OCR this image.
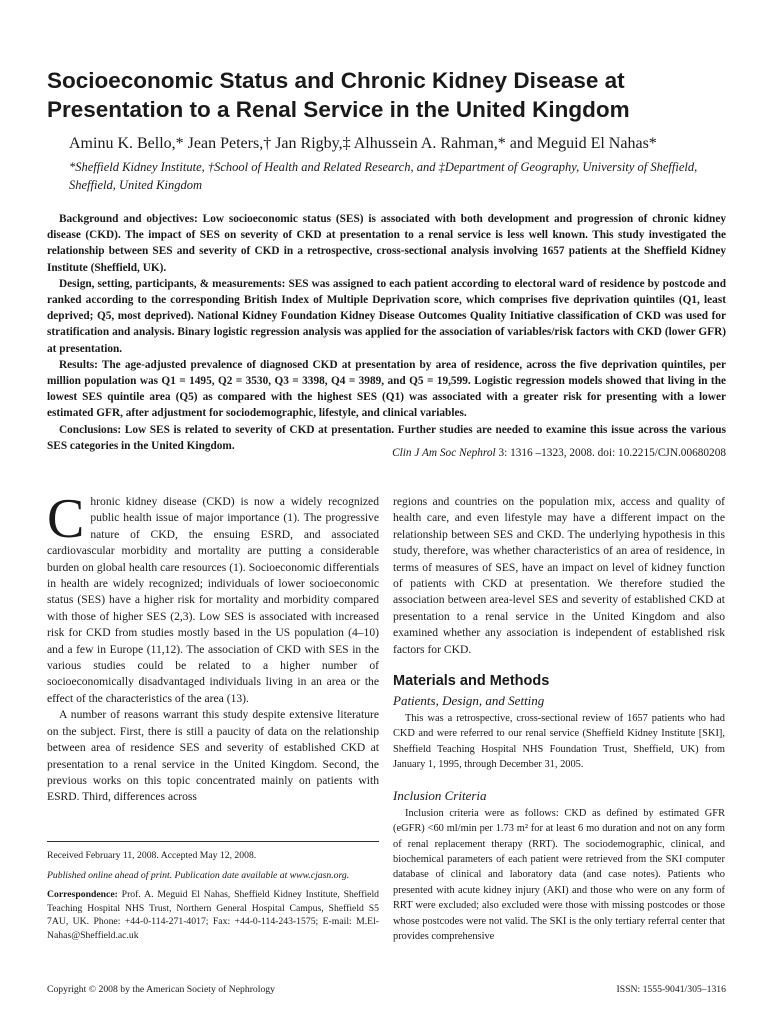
Socioeconomic Status and Chronic Kidney Disease at Presentation to a Renal Service in the United Kingdom
Aminu K. Bello,* Jean Peters,† Jan Rigby,‡ Alhussein A. Rahman,* and Meguid El Nahas*
*Sheffield Kidney Institute, †School of Health and Related Research, and ‡Department of Geography, University of Sheffield, Sheffield, United Kingdom

Background and objectives: Low socioeconomic status (SES) is associated with both development and progression of chronic kidney disease (CKD). The impact of SES on severity of CKD at presentation to a renal service is less well known. This study investigated the relationship between SES and severity of CKD in a retrospective, cross-sectional analysis involving 1657 patients at the Sheffield Kidney Institute (Sheffield, UK).

Design, setting, participants, & measurements: SES was assigned to each patient according to electoral ward of residence by postcode and ranked according to the corresponding British Index of Multiple Deprivation score, which comprises five deprivation quintiles (Q1, least deprived; Q5, most deprived). National Kidney Foundation Kidney Disease Outcomes Quality Initiative classification of CKD was used for stratification and analysis. Binary logistic regression analysis was applied for the association of variables/risk factors with CKD (lower GFR) at presentation.

Results: The age-adjusted prevalence of diagnosed CKD at presentation by area of residence, across the five deprivation quintiles, per million population was Q1 = 1495, Q2 = 3530, Q3 = 3398, Q4 = 3989, and Q5 = 19,599. Logistic regression models showed that living in the lowest SES quintile area (Q5) as compared with the highest SES (Q1) was associated with a greater risk for presenting with a lower estimated GFR, after adjustment for sociodemographic, lifestyle, and clinical variables.

Conclusions: Low SES is related to severity of CKD at presentation. Further studies are needed to examine this issue across the various SES categories in the United Kingdom.

Clin J Am Soc Nephrol 3: 1316 –1323, 2008. doi: 10.2215/CJN.00680208

Chronic kidney disease (CKD) is now a widely recognized public health issue of major importance (1). The progressive nature of CKD, the ensuing ESRD, and associated cardiovascular morbidity and mortality are putting a considerable burden on global health care resources (1). Socioeconomic differentials in health are widely recognized; individuals of lower socioeconomic status (SES) have a higher risk for mortality and morbidity compared with those of higher SES (2,3). Low SES is associated with increased risk for CKD from studies mostly based in the US population (4–10) and a few in Europe (11,12). The association of CKD with SES in the various studies could be related to a higher number of socioeconomically disadvantaged individuals living in an area or the effect of the characteristics of the area (13).

A number of reasons warrant this study despite extensive literature on the subject. First, there is still a paucity of data on the relationship between area of residence SES and severity of established CKD at presentation to a renal service in the United Kingdom. Second, the previous works on this topic concentrated mainly on patients with ESRD. Third, differences across

regions and countries on the population mix, access and quality of health care, and even lifestyle may have a different impact on the relationship between SES and CKD. The underlying hypothesis in this study, therefore, was whether characteristics of an area of residence, in terms of measures of SES, have an impact on level of kidney function of patients with CKD at presentation. We therefore studied the association between area-level SES and severity of established CKD at presentation to a renal service in the United Kingdom and also examined whether any association is independent of established risk factors for CKD.

Materials and Methods
Patients, Design, and Setting

This was a retrospective, cross-sectional review of 1657 patients who had CKD and were referred to our renal service (Sheffield Kidney Institute [SKI], Sheffield Teaching Hospital NHS Foundation Trust, Sheffield, UK) from January 1, 1995, through December 31, 2005.

Inclusion Criteria

Inclusion criteria were as follows: CKD as defined by estimated GFR (eGFR) <60 ml/min per 1.73 m² for at least 6 mo duration and not on any form of renal replacement therapy (RRT). The sociodemographic, clinical, and biochemical parameters of each patient were retrieved from the SKI computer database of clinical and laboratory data (and case notes). Patients who presented with acute kidney injury (AKI) and those who were on any form of RRT were excluded; also excluded were those with missing postcodes or those whose postcodes were not valid. The SKI is the only tertiary referral center that provides comprehensive

Received February 11, 2008. Accepted May 12, 2008.

Published online ahead of print. Publication date available at www.cjasn.org.

Correspondence: Prof. A. Meguid El Nahas, Sheffield Kidney Institute, Sheffield Teaching Hospital NHS Trust, Northern General Hospital Campus, Sheffield S5 7AU, UK. Phone: +44-0-114-271-4017; Fax: +44-0-114-243-1575; E-mail: M.El-Nahas@Sheffield.ac.uk

Copyright © 2008 by the American Society of Nephrology	ISSN: 1555-9041/305–1316
